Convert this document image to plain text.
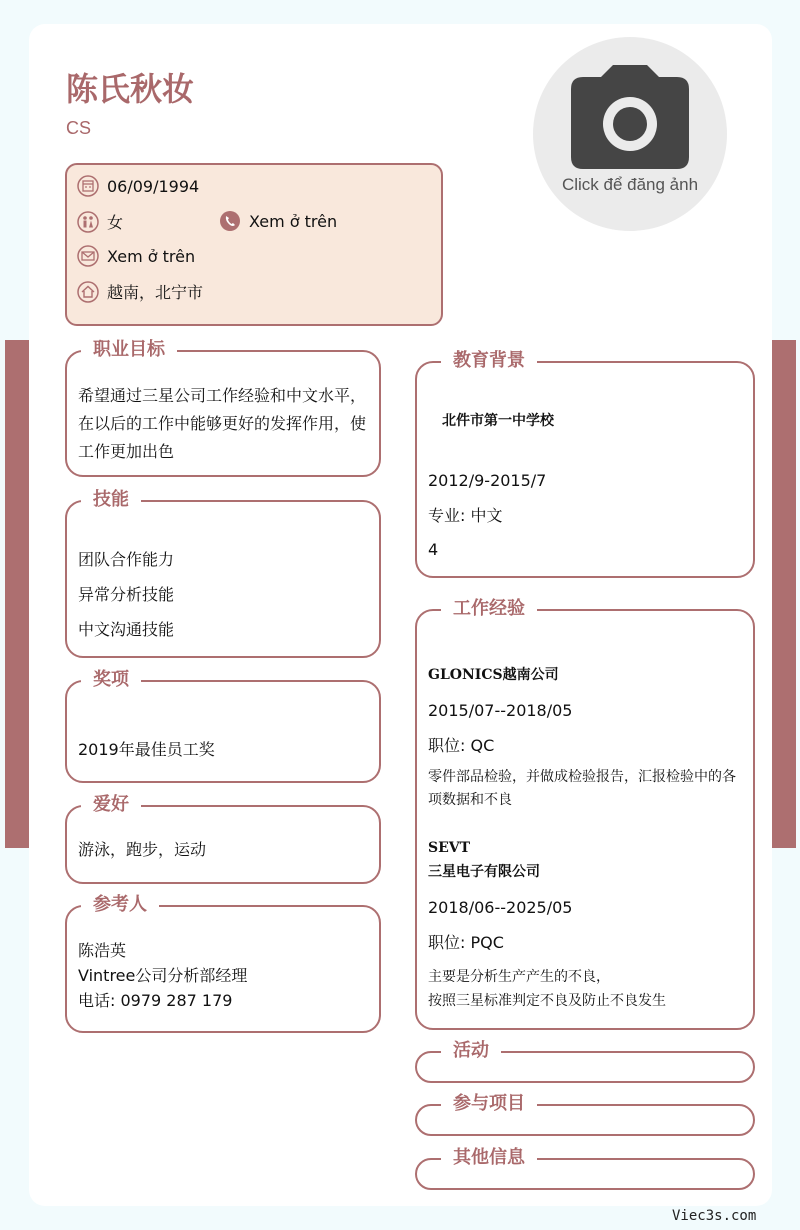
陈氏秋妆
CS
Click để đăng ảnh
06/09/1994
女	Xem ở trên
Xem ở trên
越南，北宁市
职业目标
希望通过三星公司工作经验和中文水平，在以后的工作中能够更好的发挥作用，使工作更加出色
技能
团队合作能力
异常分析技能
中文沟通技能
奖项
2019年最佳员工奖
爱好
游泳，跑步，运动
参考人
陈浩英
Vintree公司分析部经理
电话: 0979 287 179
教育背景
北件市第一中学校
2012/9-2015/7
专业: 中文
4
工作经验
GLONICS越南公司
2015/07--2018/05
职位: QC
零件部品检验，并做成检验报告，汇报检验中的各项数据和不良
SEVT
三星电子有限公司
2018/06--2025/05
职位: PQC
主要是分析生产产生的不良，
按照三星标准判定不良及防止不良发生
活动
参与项目
其他信息
Viec3s.com
